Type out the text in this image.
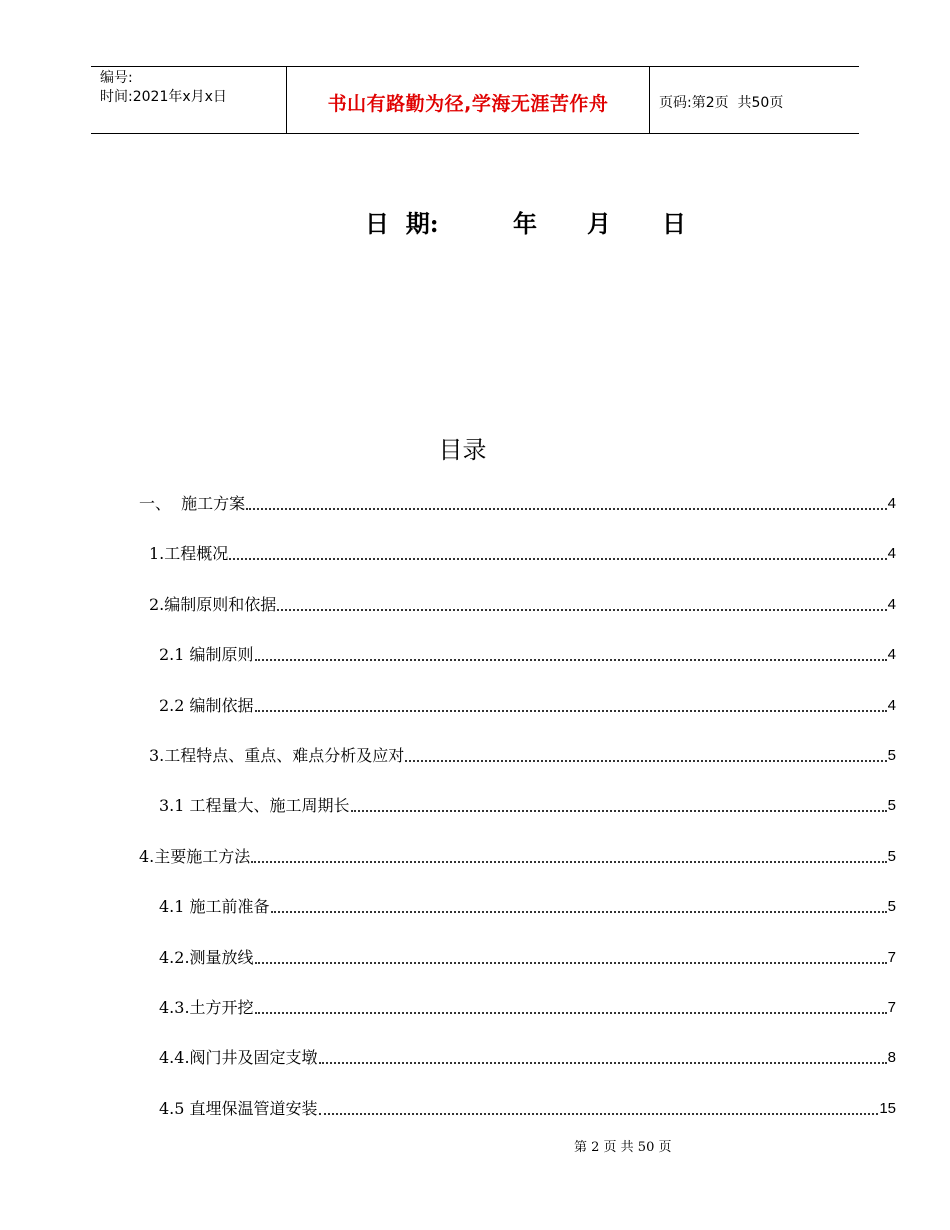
编号:
时间:2021年x月x日	书山有路勤为径,学海无涯苦作舟	页码:第2页  共50页
日  期:	年 月 日
目录
一、  施工方案	4
1.工程概况	4
2.编制原则和依据	4
2.1 编制原则	4
2.2 编制依据	4
3.工程特点、重点、难点分析及应对	5
3.1 工程量大、施工周期长	5
4.主要施工方法	5
4.1 施工前准备	5
4.2.测量放线	7
4.3.土方开挖	7
4.4.阀门井及固定支墩	8
4.5 直埋保温管道安装	15
第 2 页 共 50 页
